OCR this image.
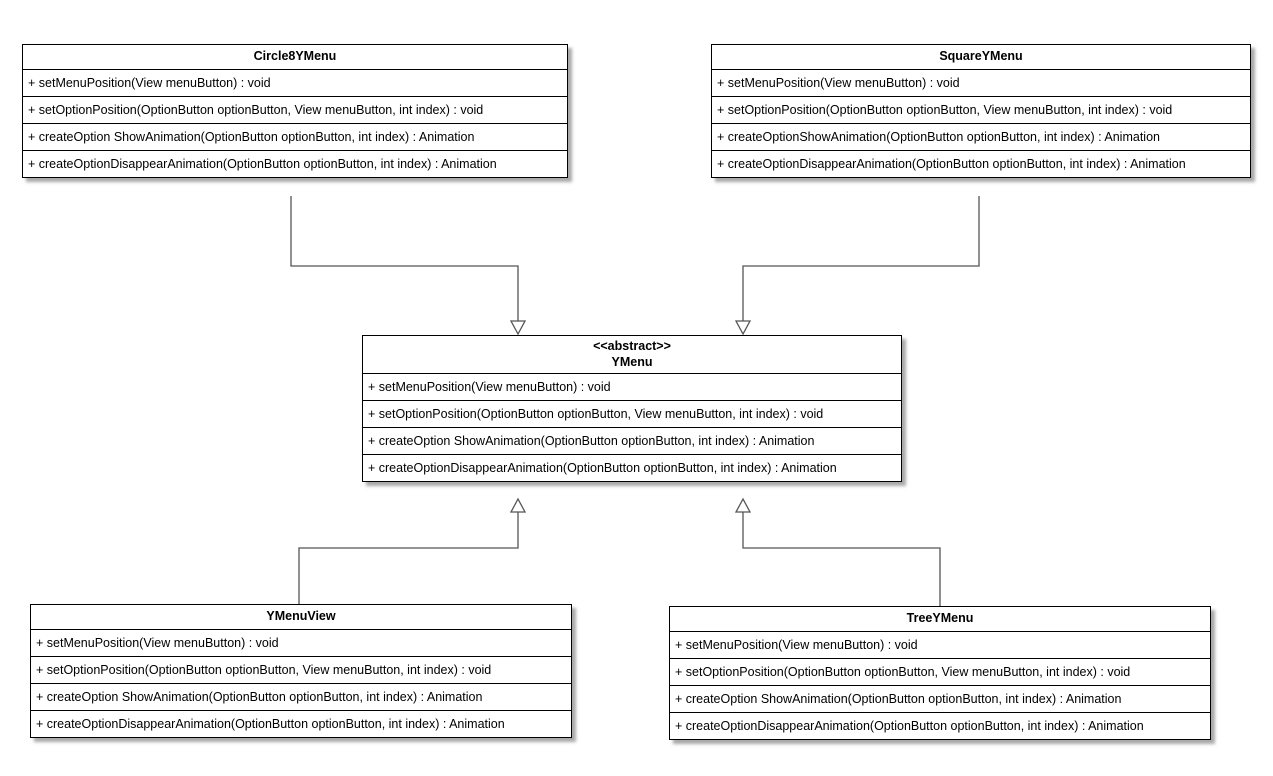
Circle8YMenu
+ setMenuPosition(View menuButton) : void
+ setOptionPosition(OptionButton optionButton, View menuButton, int index) : void
+ createOption ShowAnimation(OptionButton optionButton, int index) : Animation
+ createOptionDisappearAnimation(OptionButton optionButton, int index) : Animation
SquareYMenu
+ setMenuPosition(View menuButton) : void
+ setOptionPosition(OptionButton optionButton, View menuButton, int index) : void
+ createOptionShowAnimation(OptionButton optionButton, int index) : Animation
+ createOptionDisappearAnimation(OptionButton optionButton, int index) : Animation
<<abstract>>
YMenu
+ setMenuPosition(View menuButton) : void
+ setOptionPosition(OptionButton optionButton, View menuButton, int index) : void
+ createOption ShowAnimation(OptionButton optionButton, int index) : Animation
+ createOptionDisappearAnimation(OptionButton optionButton, int index) : Animation
YMenuView
+ setMenuPosition(View menuButton) : void
+ setOptionPosition(OptionButton optionButton, View menuButton, int index) : void
+ createOption ShowAnimation(OptionButton optionButton, int index) : Animation
+ createOptionDisappearAnimation(OptionButton optionButton, int index) : Animation
TreeYMenu
+ setMenuPosition(View menuButton) : void
+ setOptionPosition(OptionButton optionButton, View menuButton, int index) : void
+ createOption ShowAnimation(OptionButton optionButton, int index) : Animation
+ createOptionDisappearAnimation(OptionButton optionButton, int index) : Animation
